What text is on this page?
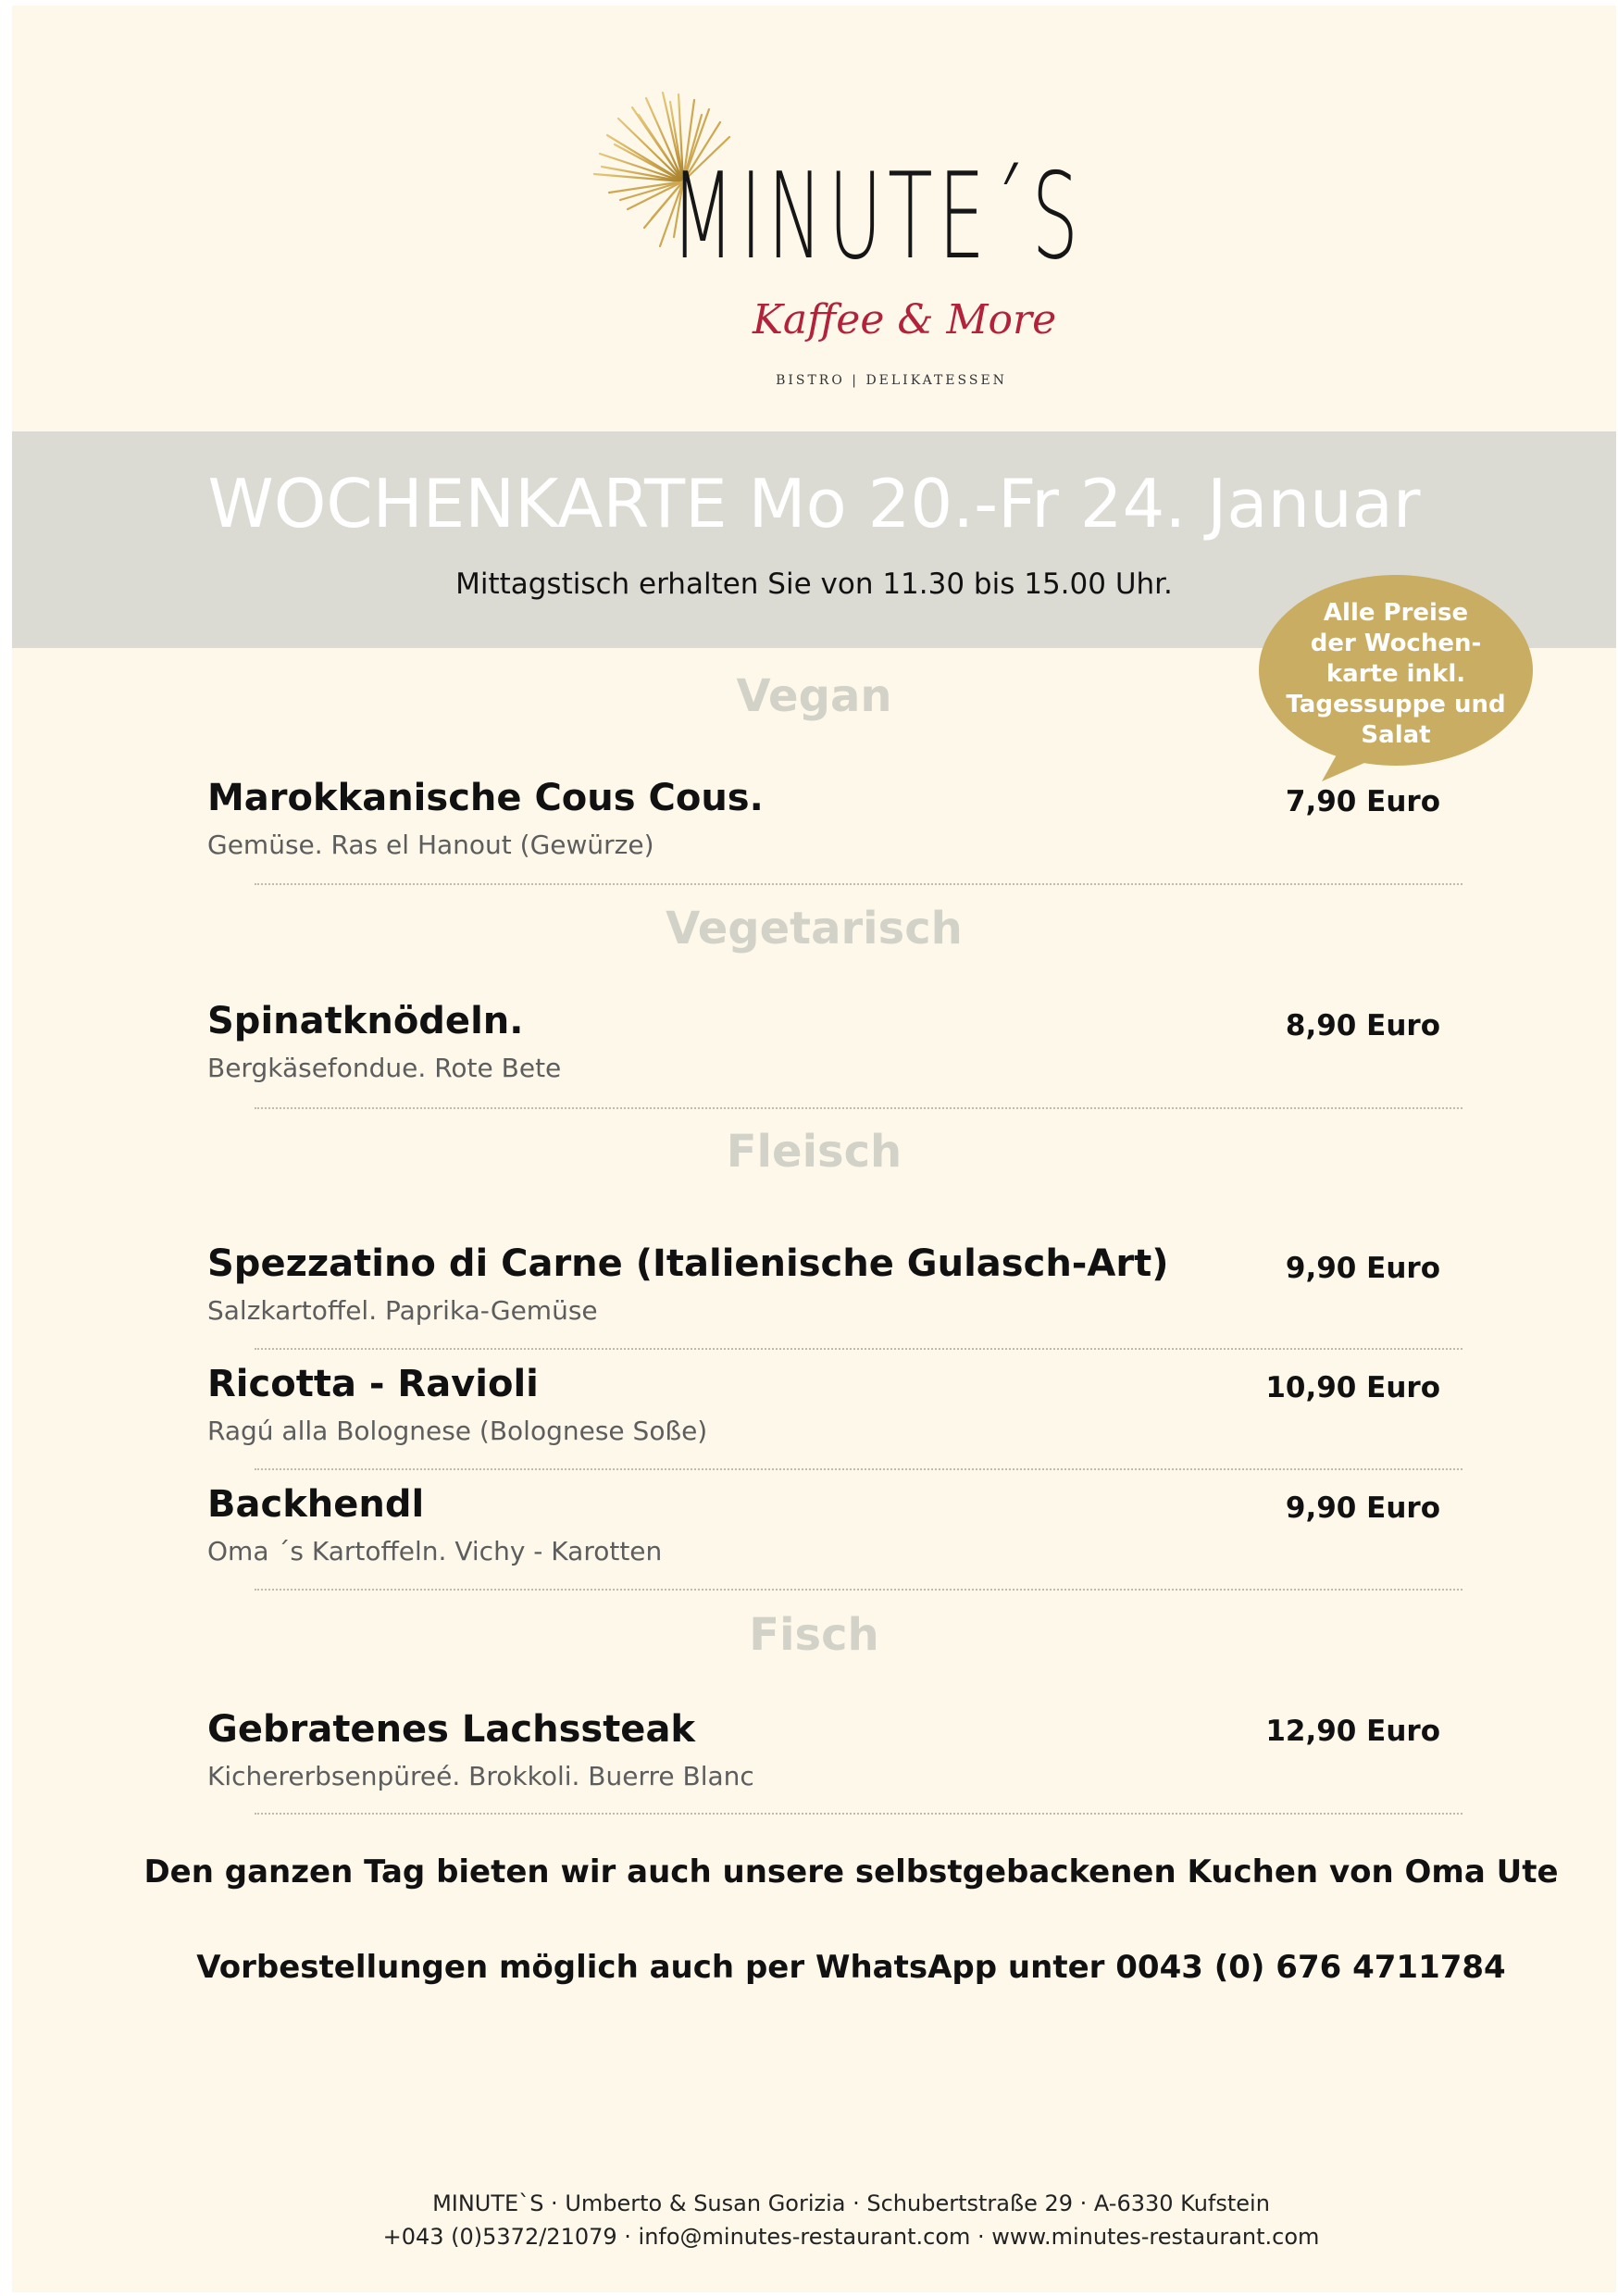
MINUTE´S
Kaffee & More
BISTRO | DELIKATESSEN
WOCHENKARTE Mo 20.-Fr 24. Januar
Mittagstisch erhalten Sie von 11.30 bis 15.00 Uhr.
Alle Preise
der Wochen-
karte inkl.
Tagessuppe und
Salat
Vegan
Marokkanische Cous Cous.	7,90 Euro
Gemüse. Ras el Hanout (Gewürze)
Vegetarisch
Spinatknödeln.	8,90 Euro
Bergkäsefondue. Rote Bete
Fleisch
Spezzatino di Carne (Italienische Gulasch-Art)	9,90 Euro
Salzkartoffel. Paprika-Gemüse
Ricotta - Ravioli	10,90 Euro
Ragú alla Bolognese (Bolognese Soße)
Backhendl	9,90 Euro
Oma ´s Kartoffeln. Vichy - Karotten
Fisch
Gebratenes Lachssteak	12,90 Euro
Kichererbsenpüreé. Brokkoli. Buerre Blanc
Den ganzen Tag bieten wir auch unsere selbstgebackenen Kuchen von Oma Ute
Vorbestellungen möglich auch per WhatsApp unter 0043 (0) 676 4711784
MINUTE`S · Umberto & Susan Gorizia · Schubertstraße 29 · A-6330 Kufstein
+043 (0)5372/21079 · info@minutes-restaurant.com · www.minutes-restaurant.com
